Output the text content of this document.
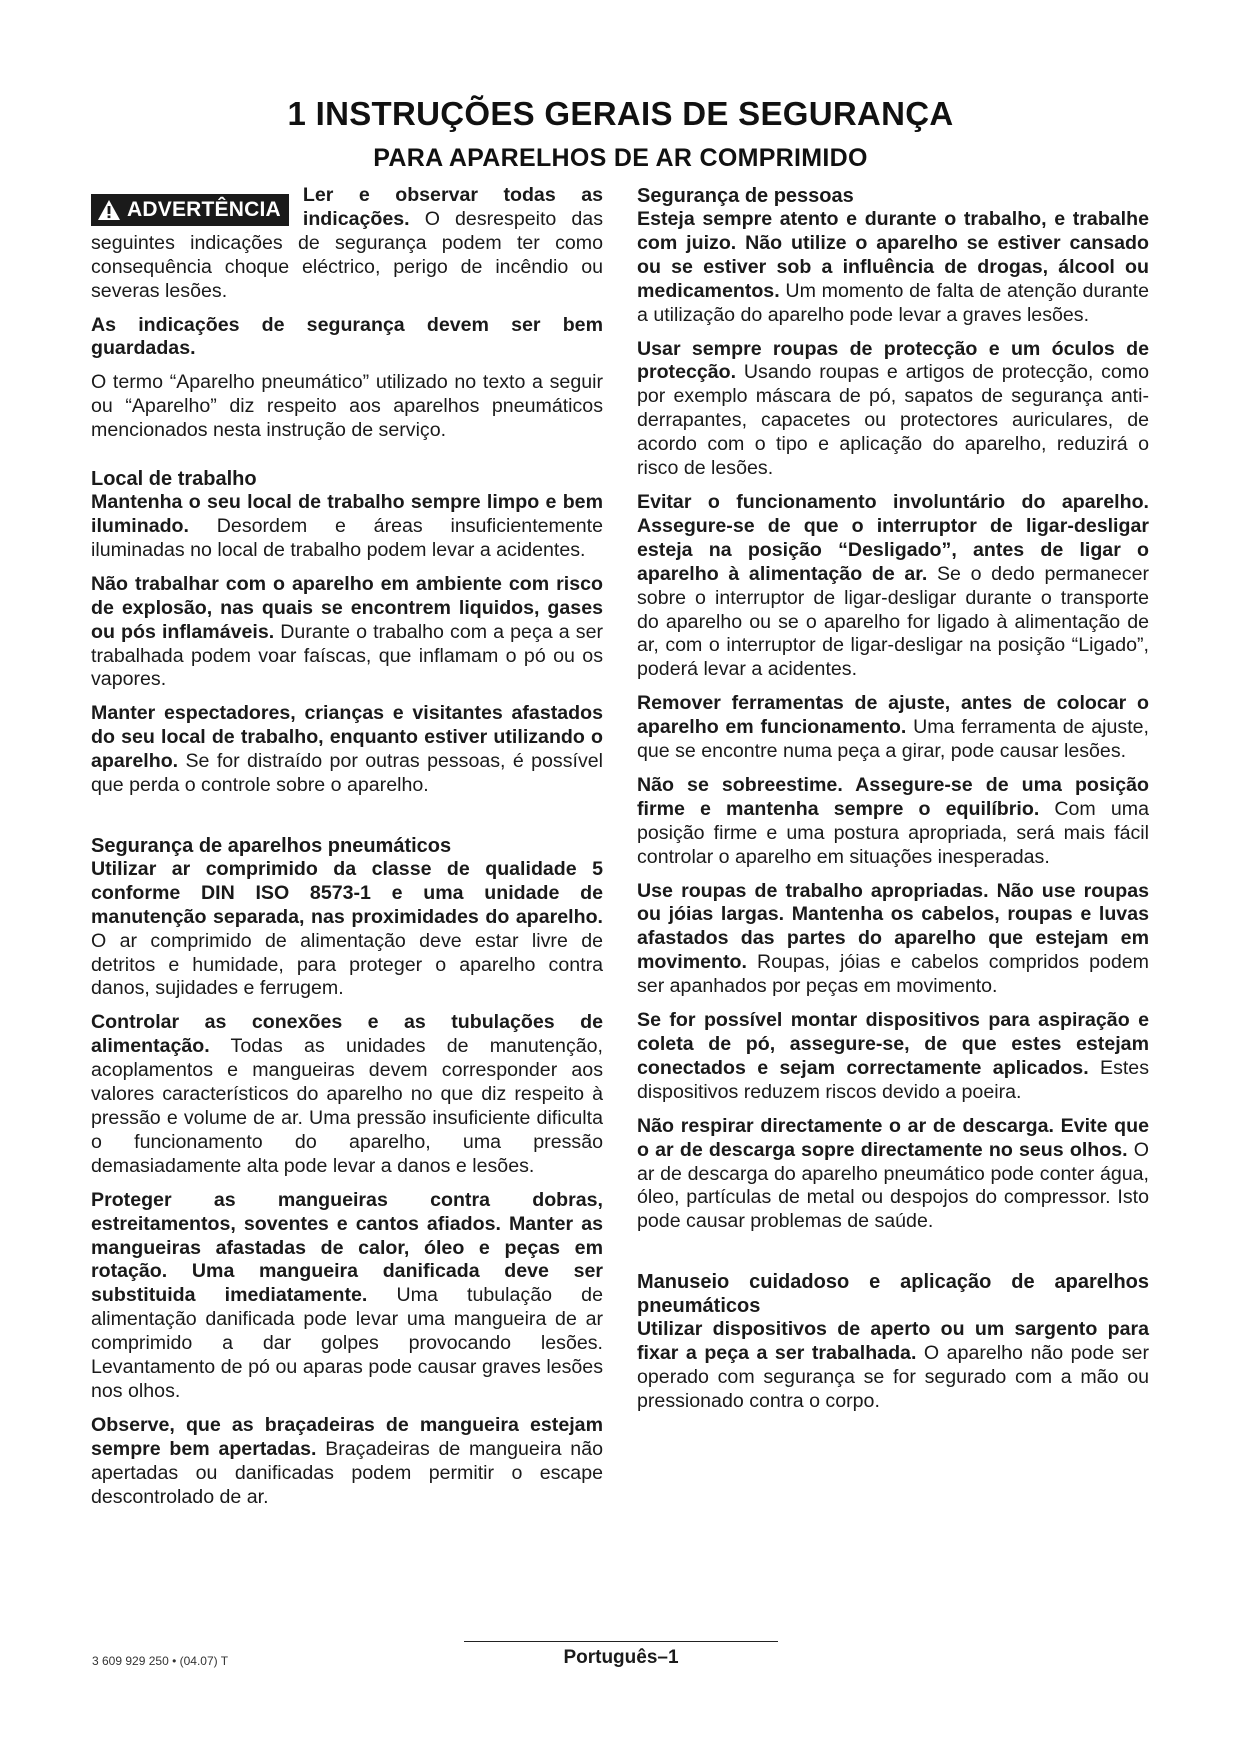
1 INSTRUÇÕES GERAIS DE SEGURANÇA
PARA APARELHOS DE AR COMPRIMIDO

ADVERTÊNCIA
Ler e observar todas as indicações. O desrespeito das seguintes indicações de segurança podem ter como consequência choque eléctrico, perigo de incêndio ou severas lesões.

As indicações de segurança devem ser bem guardadas.

O termo “Aparelho pneumático” utilizado no texto a seguir ou “Aparelho” diz respeito aos aparelhos pneumáticos mencionados nesta instrução de serviço.

Local de trabalho

Mantenha o seu local de trabalho sempre limpo e bem iluminado. Desordem e áreas insuficientemente iluminadas no local de trabalho podem levar a acidentes.

Não trabalhar com o aparelho em ambiente com risco de explosão, nas quais se encontrem liquidos, gases ou pós inflamáveis. Durante o trabalho com a peça a ser trabalhada podem voar faíscas, que inflamam o pó ou os vapores.

Manter espectadores, crianças e visitantes afastados do seu local de trabalho, enquanto estiver utilizando o aparelho. Se for distraído por outras pessoas, é possível que perda o controle sobre o aparelho.

Segurança de aparelhos pneumáticos

Utilizar ar comprimido da classe de qualidade 5 conforme DIN ISO 8573-1 e uma unidade de manutenção separada, nas proximidades do aparelho. O ar comprimido de alimentação deve estar livre de detritos e humidade, para proteger o aparelho contra danos, sujidades e ferrugem.

Controlar as conexões e as tubulações de alimentação. Todas as unidades de manutenção, acoplamentos e mangueiras devem corresponder aos valores característicos do aparelho no que diz respeito à pressão e volume de ar. Uma pressão insuficiente dificulta o funcionamento do aparelho, uma pressão demasiadamente alta pode levar a danos e lesões.

Proteger as mangueiras contra dobras, estreitamentos, soventes e cantos afiados. Manter as mangueiras afastadas de calor, óleo e peças em rotação. Uma mangueira danificada deve ser substituida imediatamente. Uma tubulação de alimentação danificada pode levar uma mangueira de ar comprimido a dar golpes provocando lesões. Levantamento de pó ou aparas pode causar graves lesões nos olhos.

Observe, que as braçadeiras de mangueira estejam sempre bem apertadas. Braçadeiras de mangueira não apertadas ou danificadas podem permitir o escape descontrolado de ar.

Segurança de pessoas

Esteja sempre atento e durante o trabalho, e trabalhe com juizo. Não utilize o aparelho se estiver cansado ou se estiver sob a influência de drogas, álcool ou medicamentos. Um momento de falta de atenção durante a utilização do aparelho pode levar a graves lesões.

Usar sempre roupas de protecção e um óculos de protecção. Usando roupas e artigos de protecção, como por exemplo máscara de pó, sapatos de segurança anti-derrapantes, capacetes ou protectores auriculares, de acordo com o tipo e aplicação do aparelho, reduzirá o risco de lesões.

Evitar o funcionamento involuntário do aparelho. Assegure-se de que o interruptor de ligar-desligar esteja na posição “Desligado”, antes de ligar o aparelho à alimentação de ar. Se o dedo permanecer sobre o interruptor de ligar-desligar durante o transporte do aparelho ou se o aparelho for ligado à alimentação de ar, com o interruptor de ligar-desligar na posição “Ligado”, poderá levar a acidentes.

Remover ferramentas de ajuste, antes de colocar o aparelho em funcionamento. Uma ferramenta de ajuste, que se encontre numa peça a girar, pode causar lesões.

Não se sobreestime. Assegure-se de uma posição firme e mantenha sempre o equilíbrio. Com uma posição firme e uma postura apropriada, será mais fácil controlar o aparelho em situações inesperadas.

Use roupas de trabalho apropriadas. Não use roupas ou jóias largas. Mantenha os cabelos, roupas e luvas afastados das partes do aparelho que estejam em movimento. Roupas, jóias e cabelos compridos podem ser apanhados por peças em movimento.

Se for possível montar dispositivos para aspiração e coleta de pó, assegure-se, de que estes estejam conectados e sejam correctamente aplicados. Estes dispositivos reduzem riscos devido a poeira.

Não respirar directamente o ar de descarga. Evite que o ar de descarga sopre directamente no seus olhos. O ar de descarga do aparelho pneumático pode conter água, óleo, partículas de metal ou despojos do compressor. Isto pode causar problemas de saúde.

Manuseio cuidadoso e aplicação de aparelhos pneumáticos

Utilizar dispositivos de aperto ou um sargento para fixar a peça a ser trabalhada. O aparelho não pode ser operado com segurança se for segurado com a mão ou pressionado contra o corpo.

3 609 929 250 • (04.07) T	Português–1
